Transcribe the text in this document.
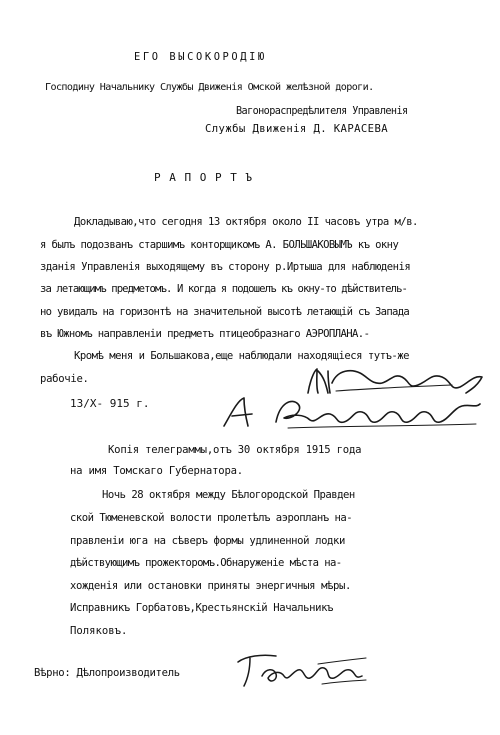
ЕГО ВЫСОКОРОДІЮ
Господину Начальнику Службы Движенія Омской желѣзной дороги.
Вагонораспредѣлителя Управленія
Службы Движенія Д. КАРАСЕВА
Р А П О Р Т Ъ
Докладываю,что сегодня 13 октября около II часовъ утра м/в.
я былъ подозванъ старшимъ конторщикомъ А. БОЛЬШАКОВЫМЪ къ окну
зданія Управленія выходящему въ сторону р.Иртыша для наблюденія
за летающимъ предметомъ. И когда я подошелъ къ окну-то дѣйствитель-
но увидалъ на горизонтѣ на значительной высотѣ летающій съ Запада
въ Южномъ направленіи предметъ птицеобразнаго АЭРОПЛАНА.-
Кромѣ меня и Большакова,еще наблюдали находящіеся тутъ-же
рабочіе.
13/Х- 915 г.
Копія телеграммы,отъ 30 октября 1915 года
на имя Томскаго Губернатора.
Ночь 28 октября между Бѣлогородской Правден
ской Тюменевской волости пролетѣлъ аэропланъ на-
правленіи юга на сѣверъ формы удлиненной лодки
дѣйствующимъ прожекторомъ.Обнаруженіе мѣста на-
хожденія или остановки приняты энергичныя мѣры.
Исправникъ Горбатовъ,Крестьянскій Начальникъ
Поляковъ.
Вѣрно: Дѣлопроизводитель
